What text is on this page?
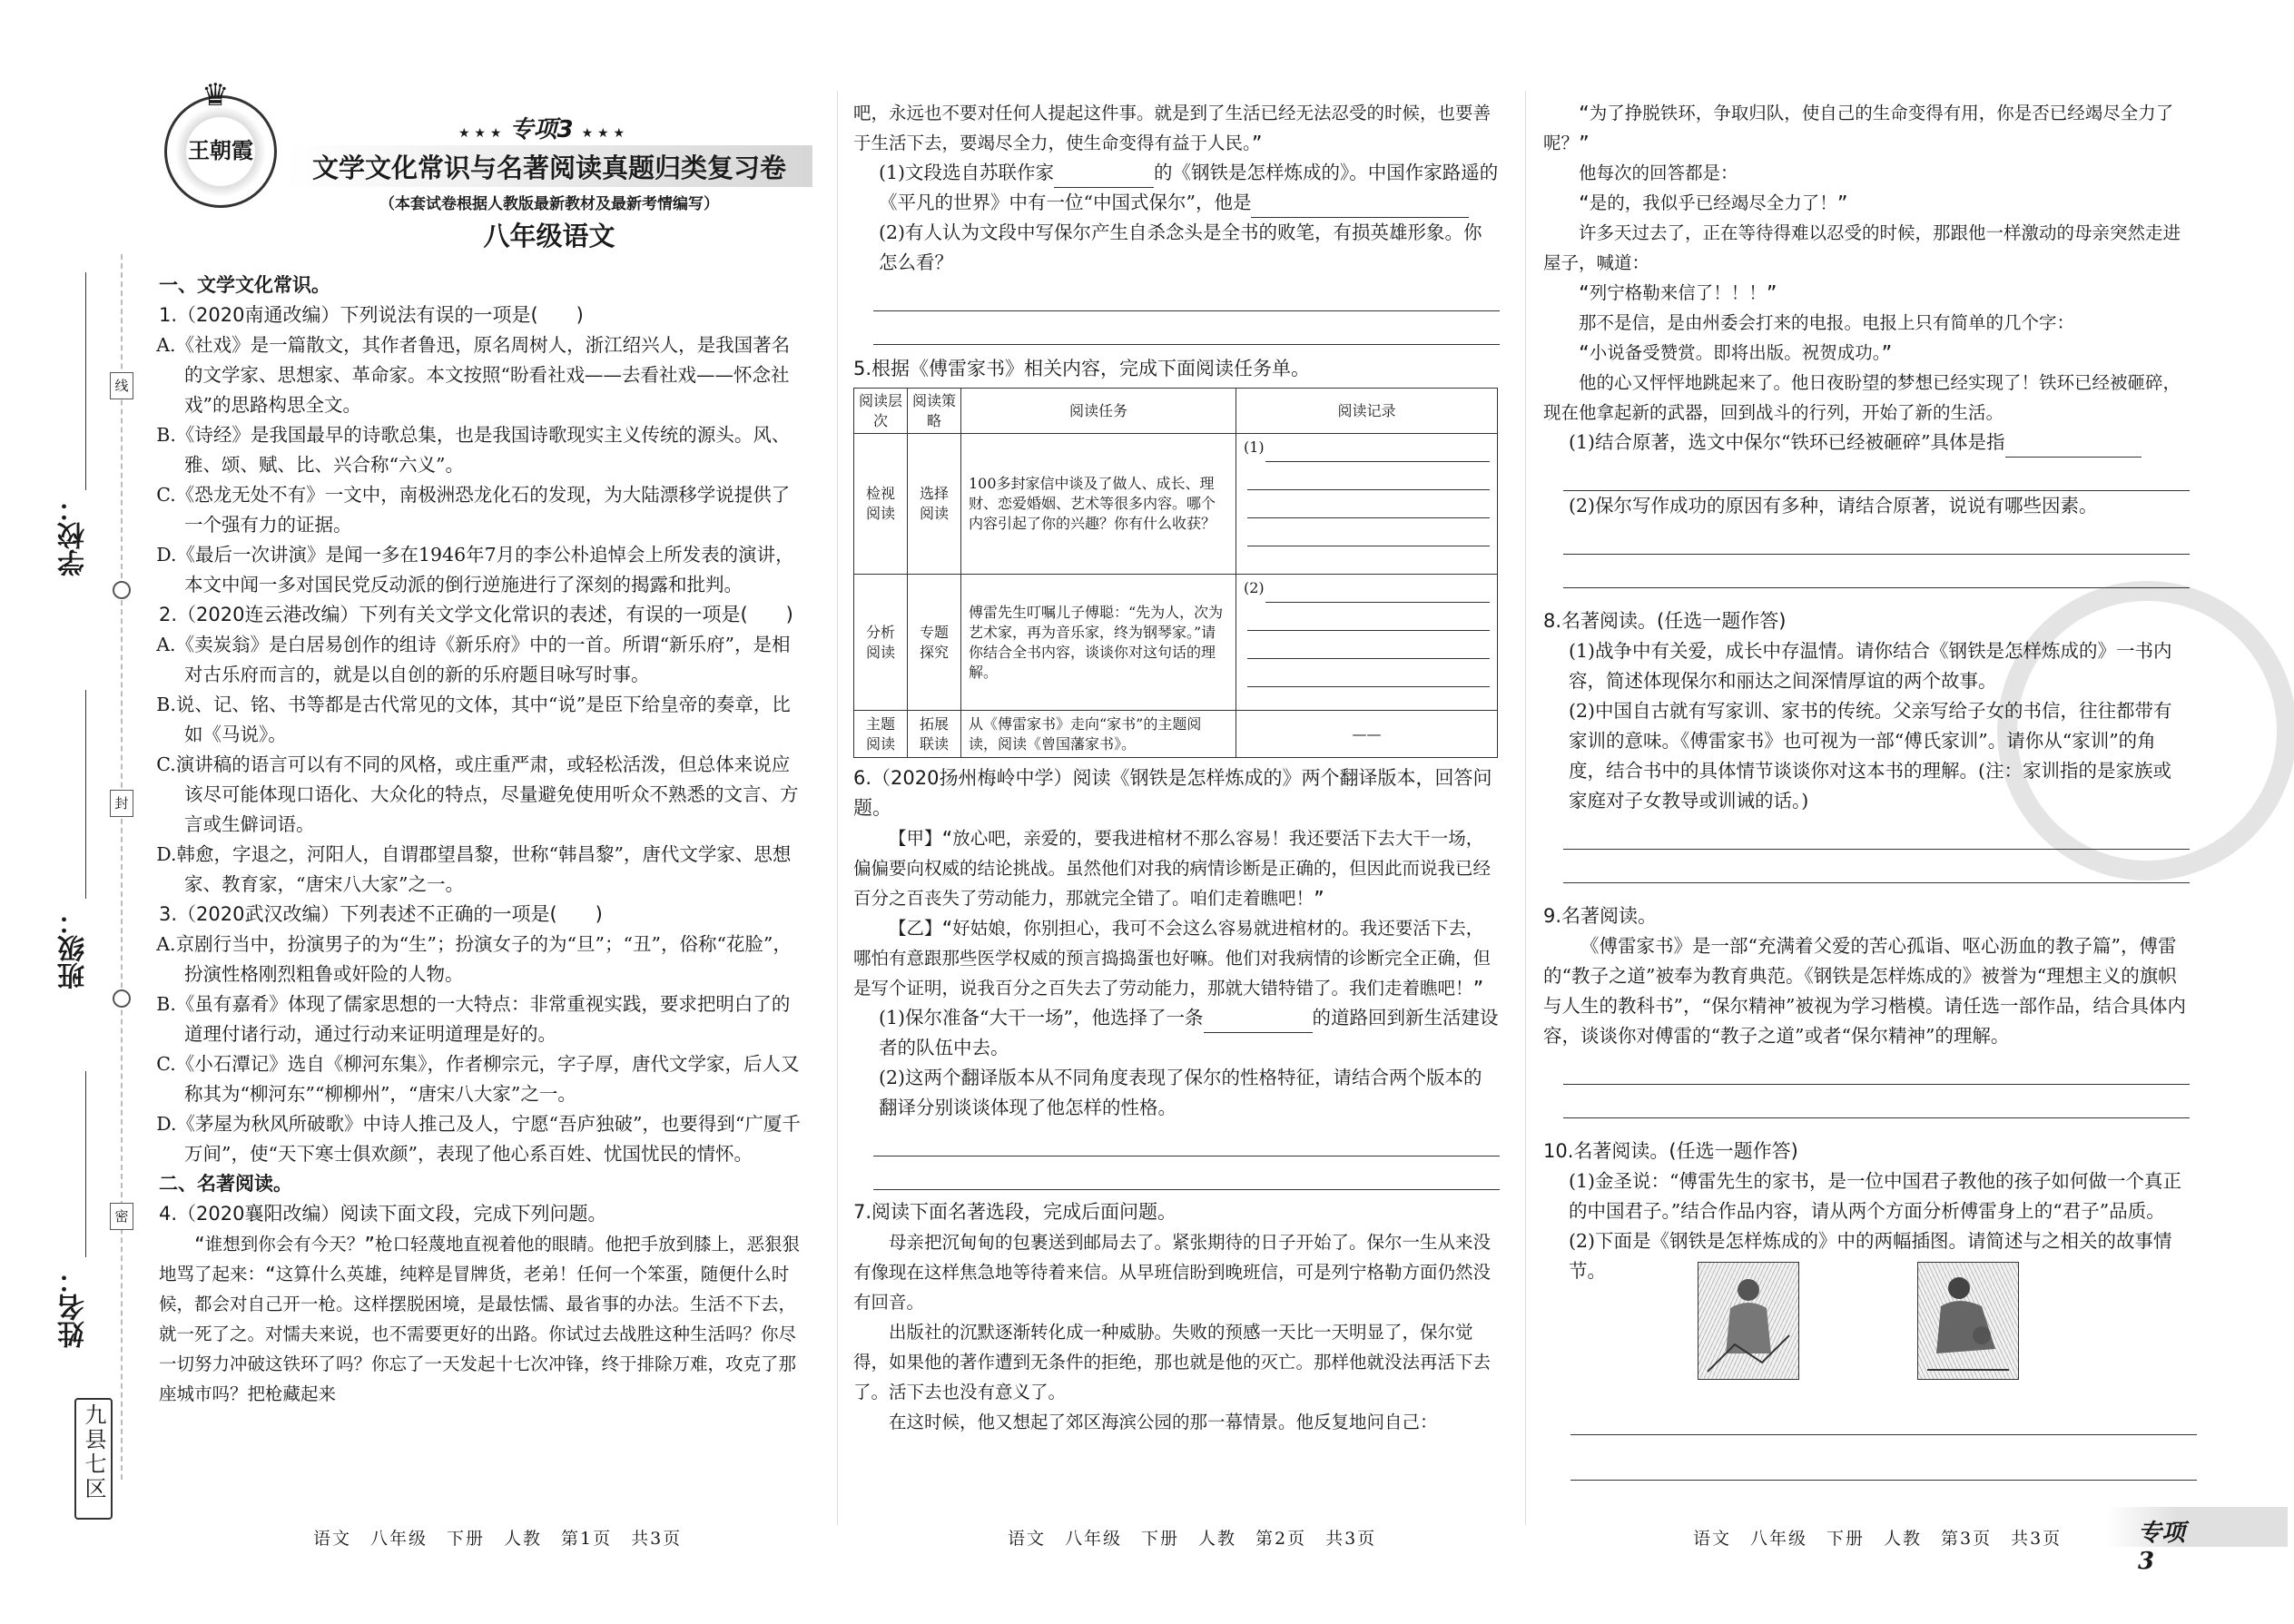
学校：
班级：
姓名：
线
封
密
九县七区
♛
王朝霞
★ ★ ★ 专项3 ★ ★ ★
文学文化常识与名著阅读真题归类复习卷
（本套试卷根据人教版最新教材及最新考情编写）
八年级语文

一、文学文化常识。

1.（2020南通改编）下列说法有误的一项是(　　)

A.《社戏》是一篇散文，其作者鲁迅，原名周树人，浙江绍兴人，是我国著名的文学家、思想家、革命家。本文按照“盼看社戏——去看社戏——怀念社戏”的思路构思全文。

B.《诗经》是我国最早的诗歌总集，也是我国诗歌现实主义传统的源头。风、雅、颂、赋、比、兴合称“六义”。

C.《恐龙无处不有》一文中，南极洲恐龙化石的发现，为大陆漂移学说提供了一个强有力的证据。

D.《最后一次讲演》是闻一多在1946年7月的李公朴追悼会上所发表的演讲，本文中闻一多对国民党反动派的倒行逆施进行了深刻的揭露和批判。

2.（2020连云港改编）下列有关文学文化常识的表述，有误的一项是(　　)

A.《卖炭翁》是白居易创作的组诗《新乐府》中的一首。所谓“新乐府”，是相对古乐府而言的，就是以自创的新的乐府题目咏写时事。

B.说、记、铭、书等都是古代常见的文体，其中“说”是臣下给皇帝的奏章，比如《马说》。

C.演讲稿的语言可以有不同的风格，或庄重严肃，或轻松活泼，但总体来说应该尽可能体现口语化、大众化的特点，尽量避免使用听众不熟悉的文言、方言或生僻词语。

D.韩愈，字退之，河阳人，自谓郡望昌黎，世称“韩昌黎”，唐代文学家、思想家、教育家，“唐宋八大家”之一。

3.（2020武汉改编）下列表述不正确的一项是(　　)

A.京剧行当中，扮演男子的为“生”；扮演女子的为“旦”；“丑”，俗称“花脸”，扮演性格刚烈粗鲁或奸险的人物。

B.《虽有嘉肴》体现了儒家思想的一大特点：非常重视实践，要求把明白了的道理付诸行动，通过行动来证明道理是好的。

C.《小石潭记》选自《柳河东集》，作者柳宗元，字子厚，唐代文学家，后人又称其为“柳河东”“柳柳州”，“唐宋八大家”之一。

D.《茅屋为秋风所破歌》中诗人推己及人，宁愿“吾庐独破”，也要得到“广厦千万间”，使“天下寒士俱欢颜”，表现了他心系百姓、忧国忧民的情怀。

二、名著阅读。

4.（2020襄阳改编）阅读下面文段，完成下列问题。

“谁想到你会有今天？”枪口轻蔑地直视着他的眼睛。他把手放到膝上，恶狠狠地骂了起来：“这算什么英雄，纯粹是冒牌货，老弟！任何一个笨蛋，随便什么时候，都会对自己开一枪。这样摆脱困境，是最怯懦、最省事的办法。生活不下去，就一死了之。对懦夫来说，也不需要更好的出路。你试过去战胜这种生活吗？你尽一切努力冲破这铁环了吗？你忘了一天发起十七次冲锋，终于排除万难，攻克了那座城市吗？把枪藏起来

语文　八年级　下册　人教　第1页　共3页

吧，永远也不要对任何人提起这件事。就是到了生活已经无法忍受的时候，也要善于生活下去，要竭尽全力，使生命变得有益于人民。”

(1)文段选自苏联作家	的《钢铁是怎样炼成的》。中国作家路遥的《平凡的世界》中有一位“中国式保尔”，他是

(2)有人认为文段中写保尔产生自杀念头是全书的败笔，有损英雄形象。你怎么看？

5.根据《傅雷家书》相关内容，完成下面阅读任务单。

阅读层次	阅读策略	阅读任务	阅读记录
检视阅读	选择阅读	100多封家信中谈及了做人、成长、理财、恋爱婚姻、艺术等很多内容。哪个内容引起了你的兴趣？你有什么收获？	(1)

分析阅读	专题探究	傅雷先生叮嘱儿子傅聪：“先为人，次为艺术家，再为音乐家，终为钢琴家。”请你结合全书内容，谈谈你对这句话的理解。	(2)

主题阅读	拓展联读	从《傅雷家书》走向“家书”的主题阅读，阅读《曾国藩家书》。	——

6.（2020扬州梅岭中学）阅读《钢铁是怎样炼成的》两个翻译版本，回答问题。

【甲】“放心吧，亲爱的，要我进棺材不那么容易！我还要活下去大干一场，偏偏要向权威的结论挑战。虽然他们对我的病情诊断是正确的，但因此而说我已经百分之百丧失了劳动能力，那就完全错了。咱们走着瞧吧！”

【乙】“好姑娘，你别担心，我可不会这么容易就进棺材的。我还要活下去，哪怕有意跟那些医学权威的预言捣捣蛋也好嘛。他们对我病情的诊断完全正确，但是写个证明，说我百分之百失去了劳动能力，那就大错特错了。我们走着瞧吧！”

(1)保尔准备“大干一场”，他选择了一条	的道路回到新生活建设者的队伍中去。

(2)这两个翻译版本从不同角度表现了保尔的性格特征，请结合两个版本的翻译分别谈谈体现了他怎样的性格。

7.阅读下面名著选段，完成后面问题。

母亲把沉甸甸的包裹送到邮局去了。紧张期待的日子开始了。保尔一生从来没有像现在这样焦急地等待着来信。从早班信盼到晚班信，可是列宁格勒方面仍然没有回音。

出版社的沉默逐渐转化成一种威胁。失败的预感一天比一天明显了，保尔觉得，如果他的著作遭到无条件的拒绝，那也就是他的灭亡。那样他就没法再活下去了。活下去也没有意义了。

在这时候，他又想起了郊区海滨公园的那一幕情景。他反复地问自己：

语文　八年级　下册　人教　第2页　共3页

“为了挣脱铁环，争取归队，使自己的生命变得有用，你是否已经竭尽全力了呢？”

他每次的回答都是：

“是的，我似乎已经竭尽全力了！”

许多天过去了，正在等待得难以忍受的时候，那跟他一样激动的母亲突然走进屋子，喊道：

“列宁格勒来信了！！！”

那不是信，是由州委会打来的电报。电报上只有简单的几个字：

“小说备受赞赏。即将出版。祝贺成功。”

他的心又怦怦地跳起来了。他日夜盼望的梦想已经实现了！铁环已经被砸碎，现在他拿起新的武器，回到战斗的行列，开始了新的生活。

(1)结合原著，选文中保尔“铁环已经被砸碎”具体是指

(2)保尔写作成功的原因有多种，请结合原著，说说有哪些因素。

8.名著阅读。(任选一题作答)

(1)战争中有关爱，成长中存温情。请你结合《钢铁是怎样炼成的》一书内容，简述体现保尔和丽达之间深情厚谊的两个故事。

(2)中国自古就有写家训、家书的传统。父亲写给子女的书信，往往都带有家训的意味。《傅雷家书》也可视为一部“傅氏家训”。请你从“家训”的角度，结合书中的具体情节谈谈你对这本书的理解。(注：家训指的是家族或家庭对子女教导或训诫的话。)

9.名著阅读。

《傅雷家书》是一部“充满着父爱的苦心孤诣、呕心沥血的教子篇”，傅雷的“教子之道”被奉为教育典范。《钢铁是怎样炼成的》被誉为“理想主义的旗帜与人生的教科书”，“保尔精神”被视为学习楷模。请任选一部作品，结合具体内容，谈谈你对傅雷的“教子之道”或者“保尔精神”的理解。

10.名著阅读。(任选一题作答)

(1)金圣说：“傅雷先生的家书，是一位中国君子教他的孩子如何做一个真正的中国君子。”结合作品内容，请从两个方面分析傅雷身上的“君子”品质。

(2)下面是《钢铁是怎样炼成的》中的两幅插图。请简述与之相关的故事情节。

语文　八年级　下册　人教　第3页　共3页	专项3
